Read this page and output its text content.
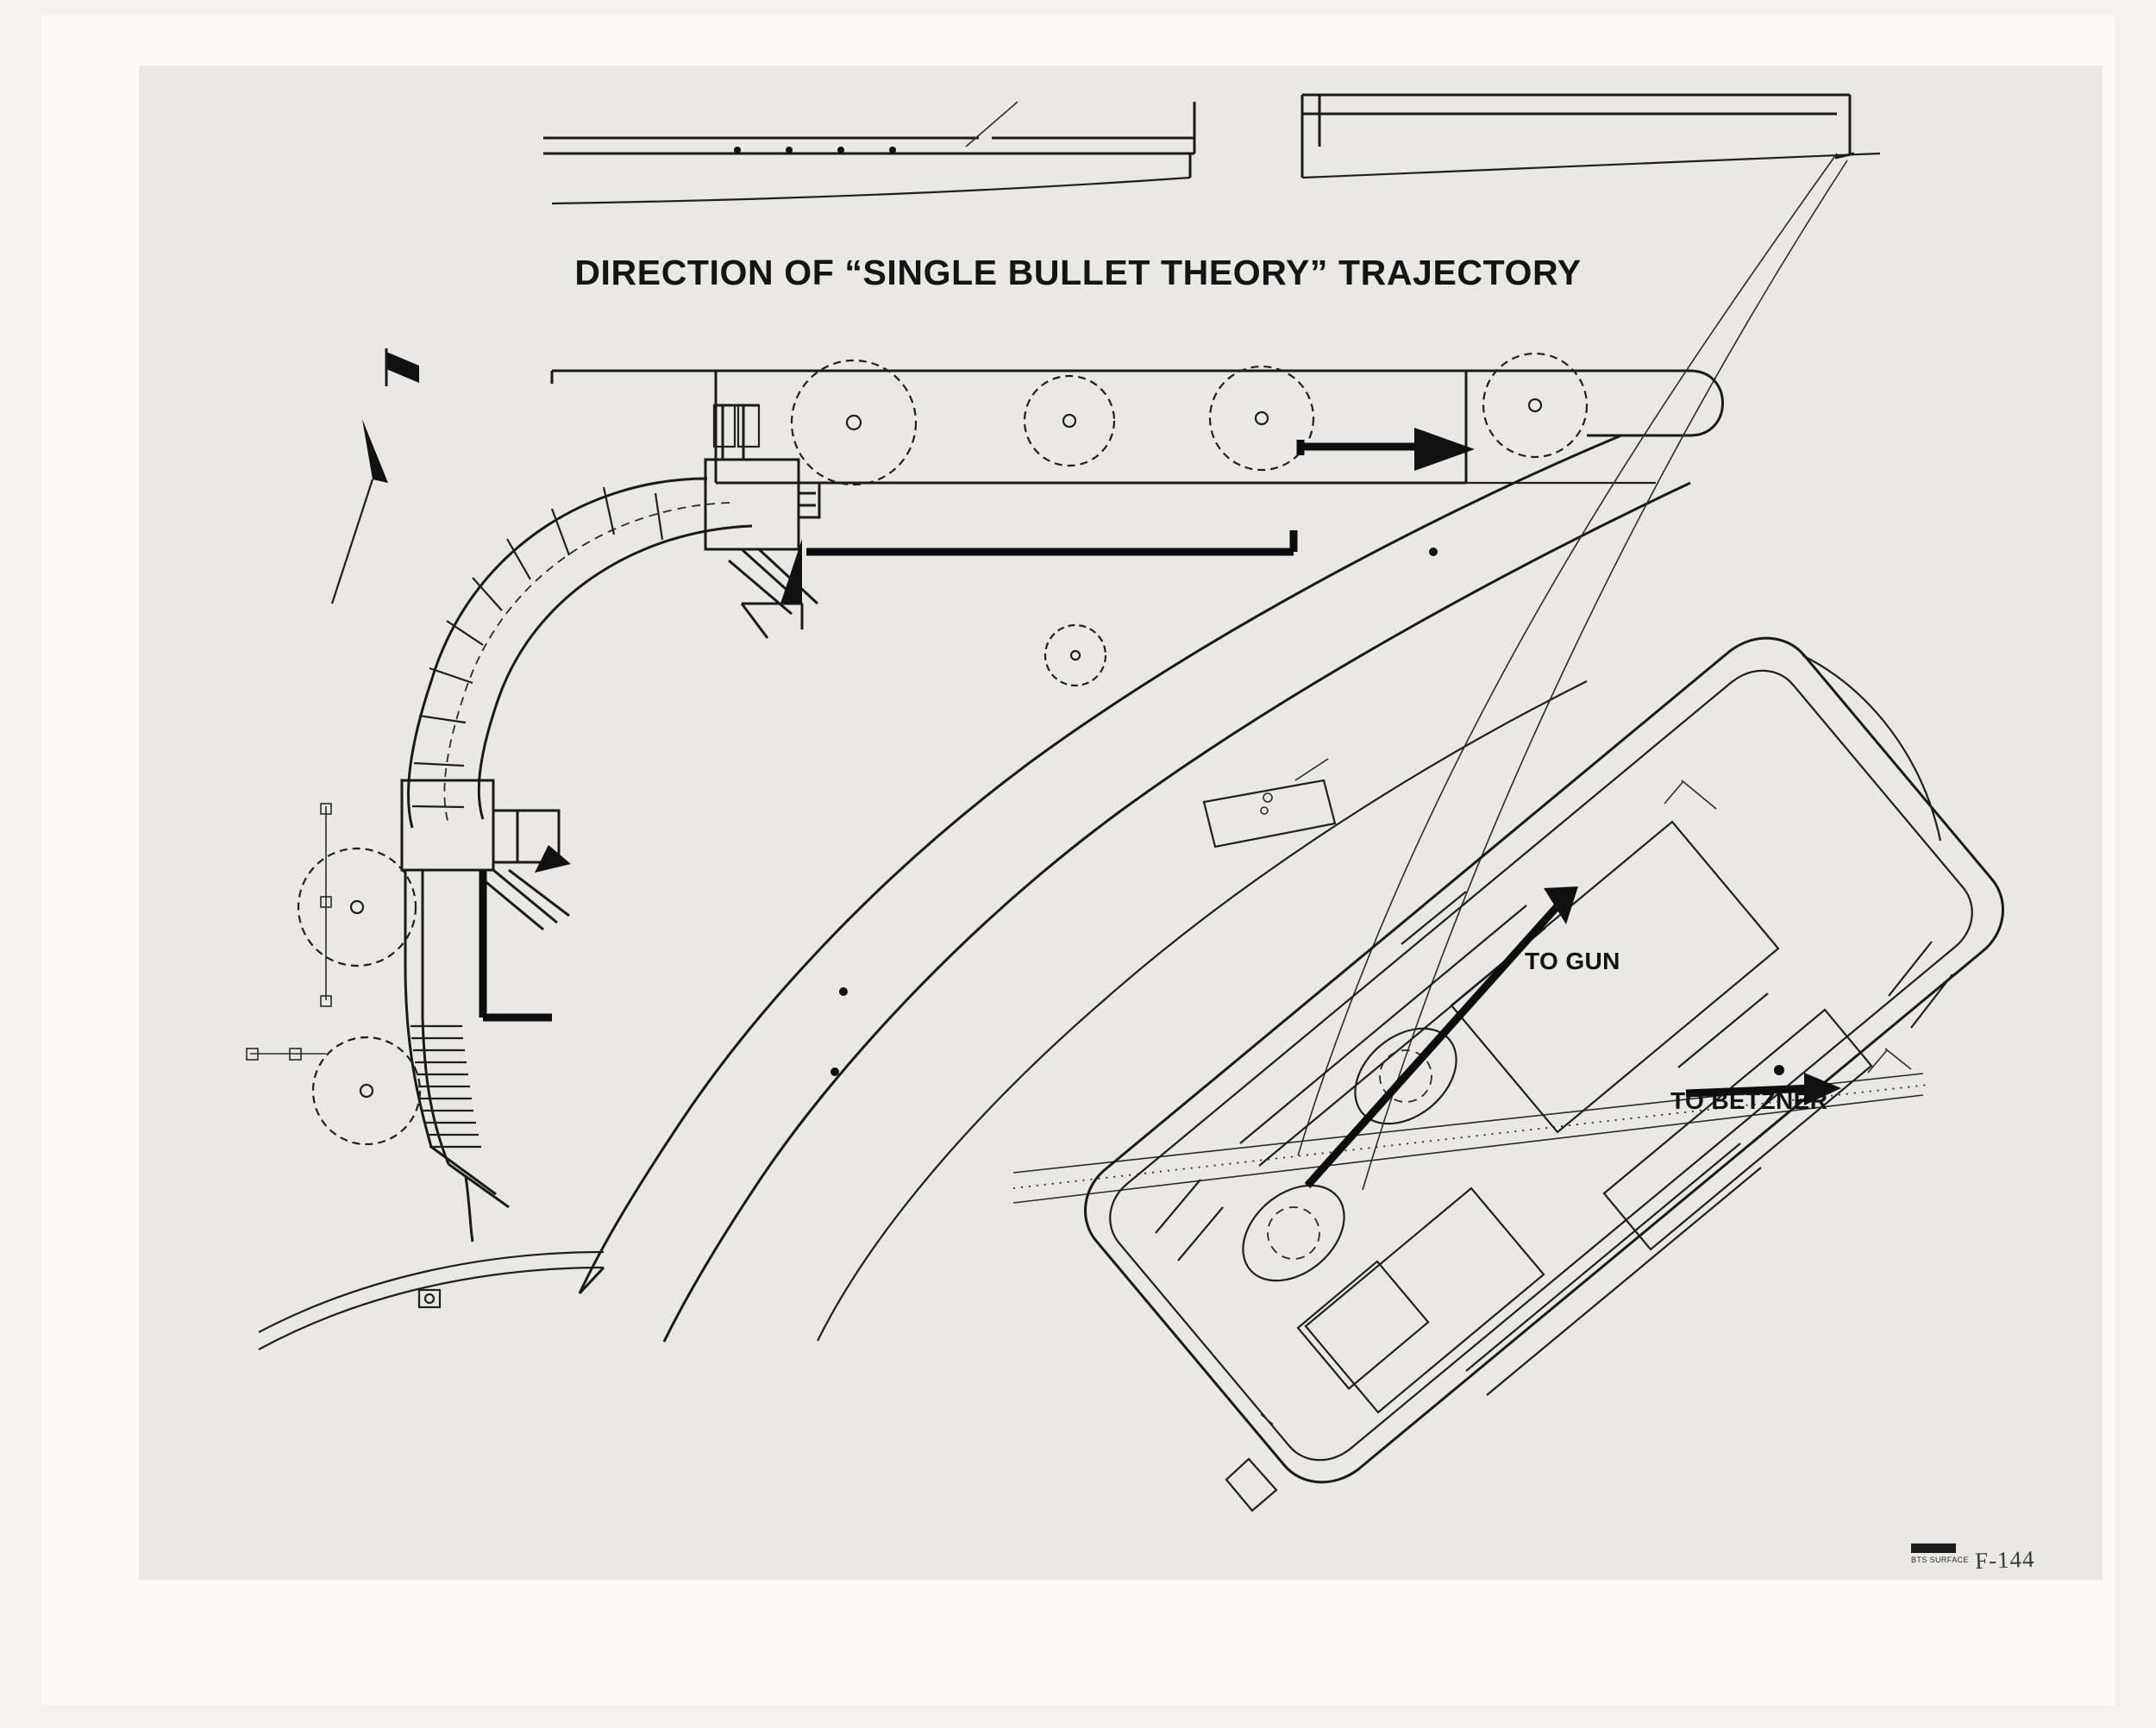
DIRECTION OF “SINGLE BULLET THEORY” TRAJECTORY
TO GUN
TO BETZNER
BTS SURFACE F-144
